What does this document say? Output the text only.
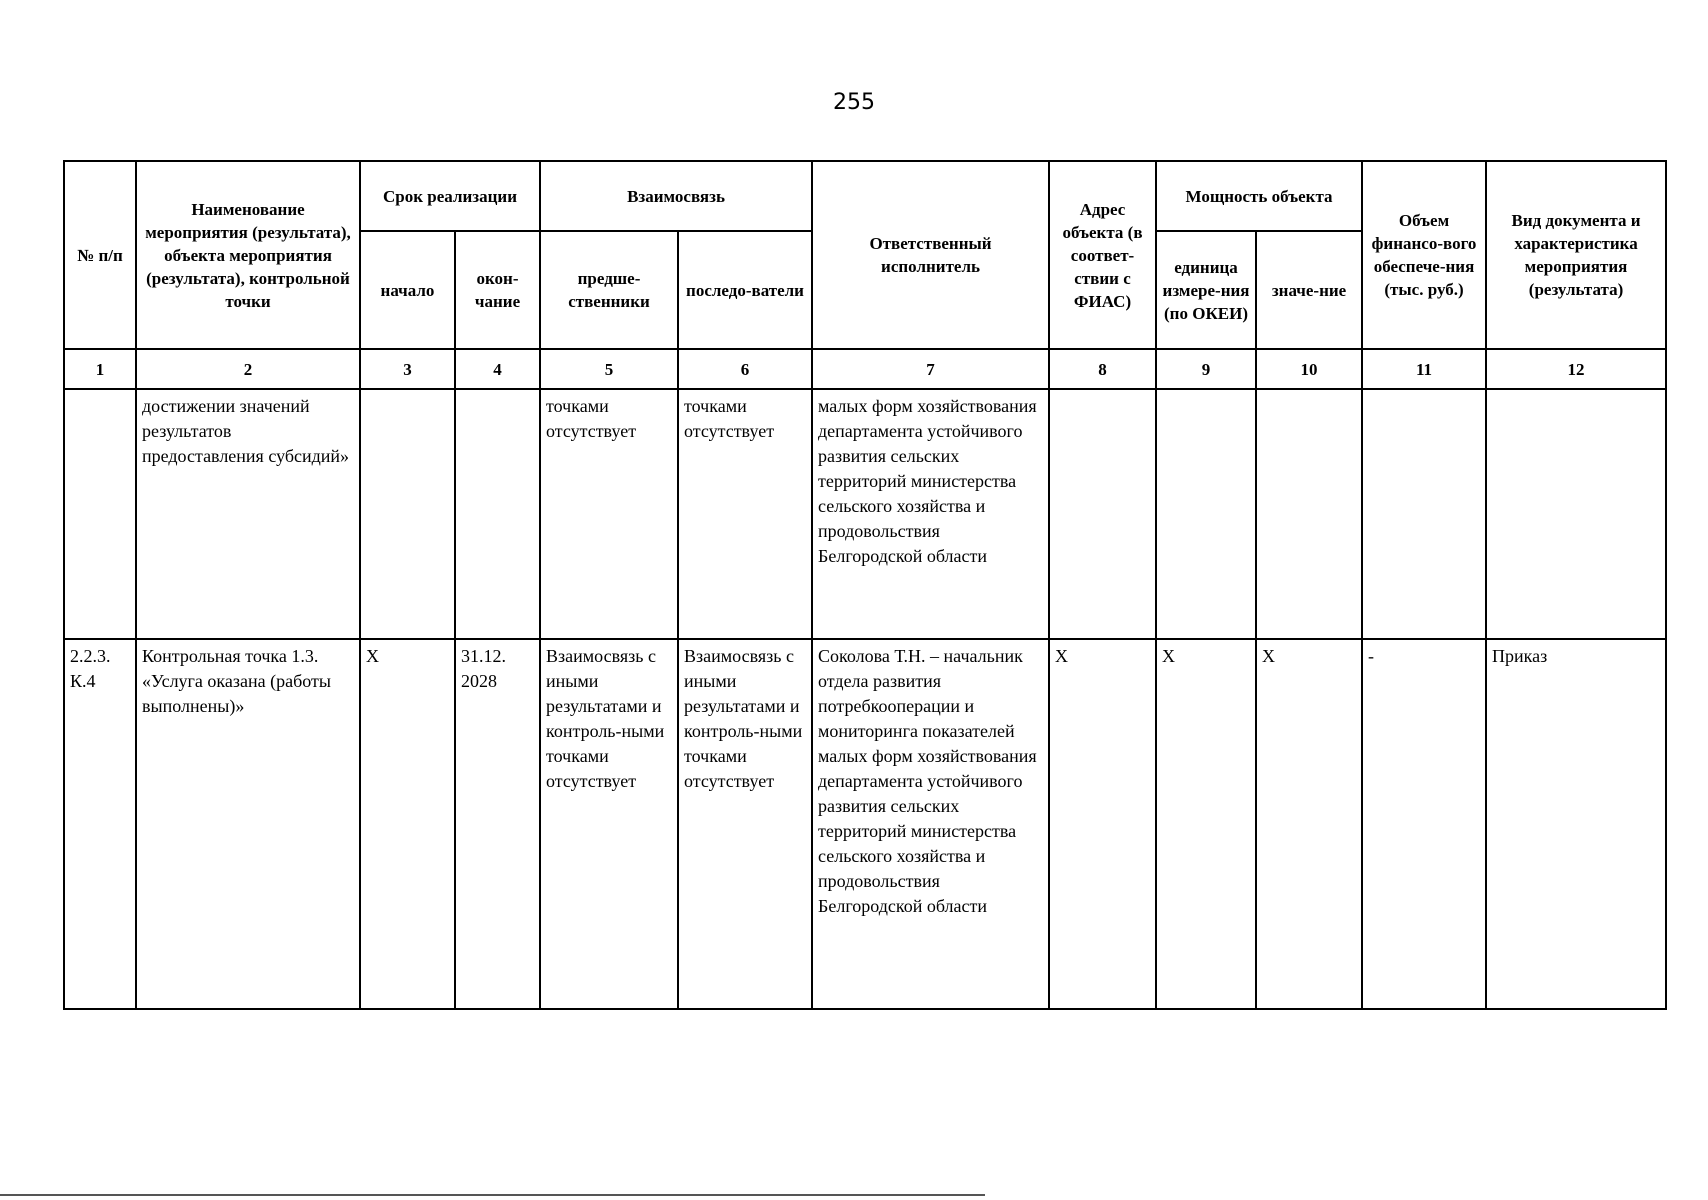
255
№ п/п	Наименование мероприятия (результата), объекта мероприятия (результата), контрольной точки	Срок реализации		Взаимосвязь		Ответственный исполнитель	Адрес объекта (в соответ-ствии с ФИАС)	Мощность объекта		Объем финансо-вого обеспече-ния (тыс. руб.)	Вид документа и характеристика мероприятия (результата)
		начало	окон-чание	предше-ственники	последо-ватели			единица измере-ния (по ОКЕИ)	значе-ние		
1	2	3	4	5	6	7	8	9	10	11	12
	достижении значений результатов предоставления субсидий»			точками отсутствует	точками отсутствует	малых форм хозяйствования департамента устойчивого развития сельских территорий министерства сельского хозяйства и продовольствия Белгородской области					
2.2.3. К.4	Контрольная точка 1.3. «Услуга оказана (работы выполнены)»	X	31.12. 2028	Взаимосвязь с иными результатами и контроль-ными точками отсутствует	Взаимосвязь с иными результатами и контроль-ными точками отсутствует	Соколова Т.Н. – начальник отдела развития потребкооперации и мониторинга показателей малых форм хозяйствования департамента устойчивого развития сельских территорий министерства сельского хозяйства и продовольствия Белгородской области	X	X	X	-	Приказ
